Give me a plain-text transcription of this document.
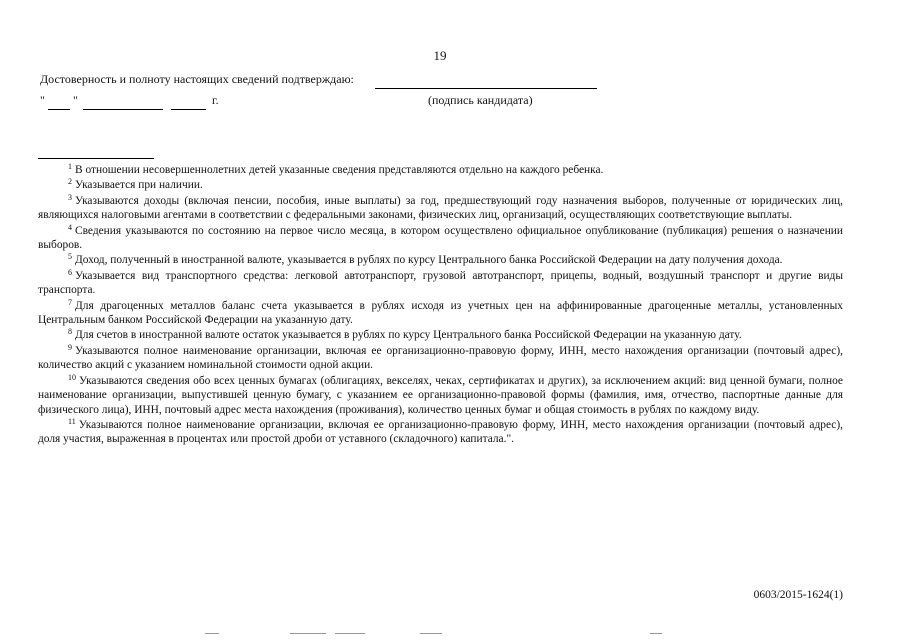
19
Достоверность и полноту настоящих сведений подтверждаю:
(подпись кандидата)
" "	г.

$^1$ В отношении несовершеннолетних детей указанные сведения представляются отдельно на каждого ребенка.

$^2$ Указывается при наличии.

$^3$ Указываются доходы (включая пенсии, пособия, иные выплаты) за год, предшествующий году назначения выборов, полученные от юридических лиц, являющихся налоговыми агентами в соответствии с федеральными законами, физических лиц, организаций, осуществляющих соответствующие выплаты.

$^4$ Сведения указываются по состоянию на первое число месяца, в котором осуществлено официальное опубликование (публикация) решения о назначении выборов.

$^5$ Доход, полученный в иностранной валюте, указывается в рублях по курсу Центрального банка Российской Федерации на дату получения дохода.

$^6$ Указывается вид транспортного средства: легковой автотранспорт, грузовой автотранспорт, прицепы, водный, воздушный транспорт и другие виды транспорта.

$^7$ Для драгоценных металлов баланс счета указывается в рублях исходя из учетных цен на аффинированные драгоценные металлы, установленных Центральным банком Российской Федерации на указанную дату.

$^8$ Для счетов в иностранной валюте остаток указывается в рублях по курсу Центрального банка Российской Федерации на указанную дату.

$^9$ Указываются полное наименование организации, включая ее организационно-правовую форму, ИНН, место нахождения организации (почтовый адрес), количество акций с указанием номинальной стоимости одной акции.

$^{10}$ Указываются сведения обо всех ценных бумагах (облигациях, векселях, чеках, сертификатах и других), за исключением акций: вид ценной бумаги, полное наименование организации, выпустившей ценную бумагу, с указанием ее организационно-правовой формы (фамилия, имя, отчество, паспортные данные для физического лица), ИНН, почтовый адрес места нахождения (проживания), количество ценных бумаг и общая стоимость в рублях по каждому виду.

$^{11}$ Указываются полное наименование организации, включая ее организационно-правовую форму, ИНН, место нахождения организации (почтовый адрес), доля участия, выраженная в процентах или простой дроби от уставного (складочного) капитала.".

0603/2015-1624(1)
